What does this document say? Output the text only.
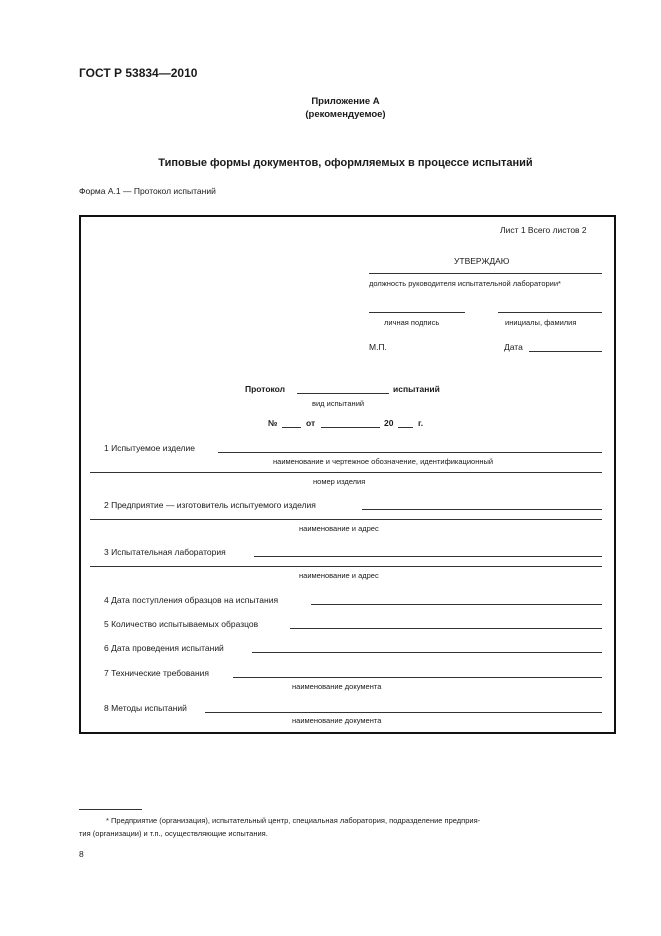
ГОСТ Р 53834—2010
Приложение А
(рекомендуемое)
Типовые формы документов, оформляемых в процессе испытаний
Форма А.1 — Протокол испытаний
Лист 1 Всего листов 2
УТВЕРЖДАЮ
должность руководителя испытательной лаборатории*
личная подпись	инициалы, фамилия
М.П.	Дата
Протокол	испытаний
вид испытаний
№	от	20	г.
1 Испытуемое изделие
наименование и чертежное обозначение, идентификационный
номер изделия
2 Предприятие — изготовитель испытуемого изделия
наименование и адрес
3 Испытательная лаборатория
наименование и адрес
4 Дата поступления образцов на испытания
5 Количество испытываемых образцов
6 Дата проведения испытаний
7 Технические требования
наименование документа
8 Методы испытаний
наименование документа
* Предприятие (организация), испытательный центр, специальная лаборатория, подразделение предприя-
тия (организации) и т.п., осуществляющие испытания.
8
